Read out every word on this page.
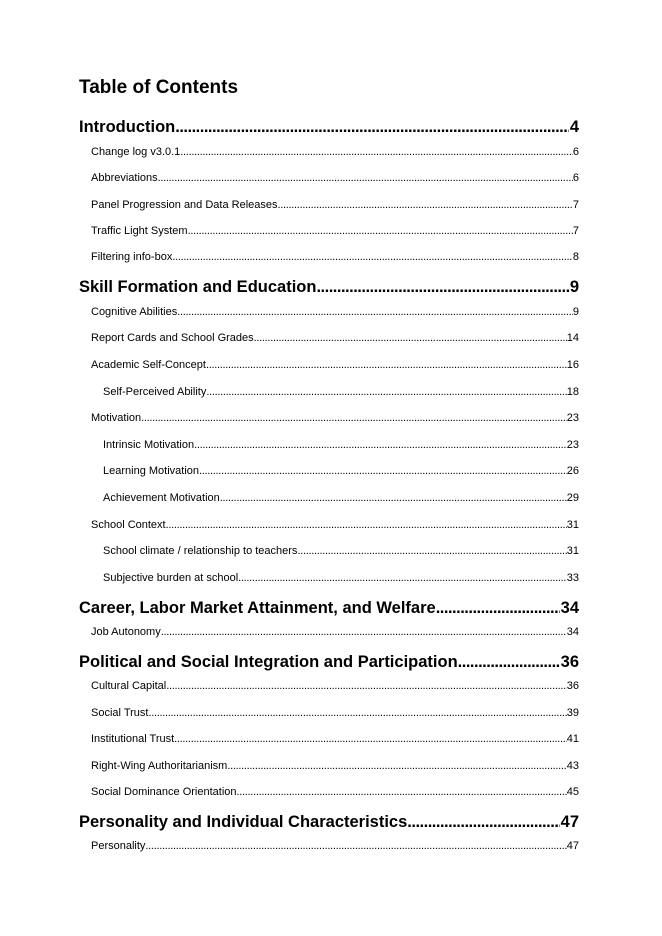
Table of Contents
Introduction .....	4
Change log v3.0.1 .....	6
Abbreviations .....	6
Panel Progression and Data Releases .....	7
Traffic Light System .....	7
Filtering info-box .....	8
Skill Formation and Education .....	9
Cognitive Abilities .....	9
Report Cards and School Grades .....	14
Academic Self-Concept .....	16
Self-Perceived Ability .....	18
Motivation .....	23
Intrinsic Motivation .....	23
Learning Motivation .....	26
Achievement Motivation .....	29
School Context .....	31
School climate / relationship to teachers .....	31
Subjective burden at school .....	33
Career, Labor Market Attainment, and Welfare .....	34
Job Autonomy .....	34
Political and Social Integration and Participation .....	36
Cultural Capital .....	36
Social Trust .....	39
Institutional Trust .....	41
Right-Wing Authoritarianism .....	43
Social Dominance Orientation .....	45
Personality and Individual Characteristics .....	47
Personality .....	47
